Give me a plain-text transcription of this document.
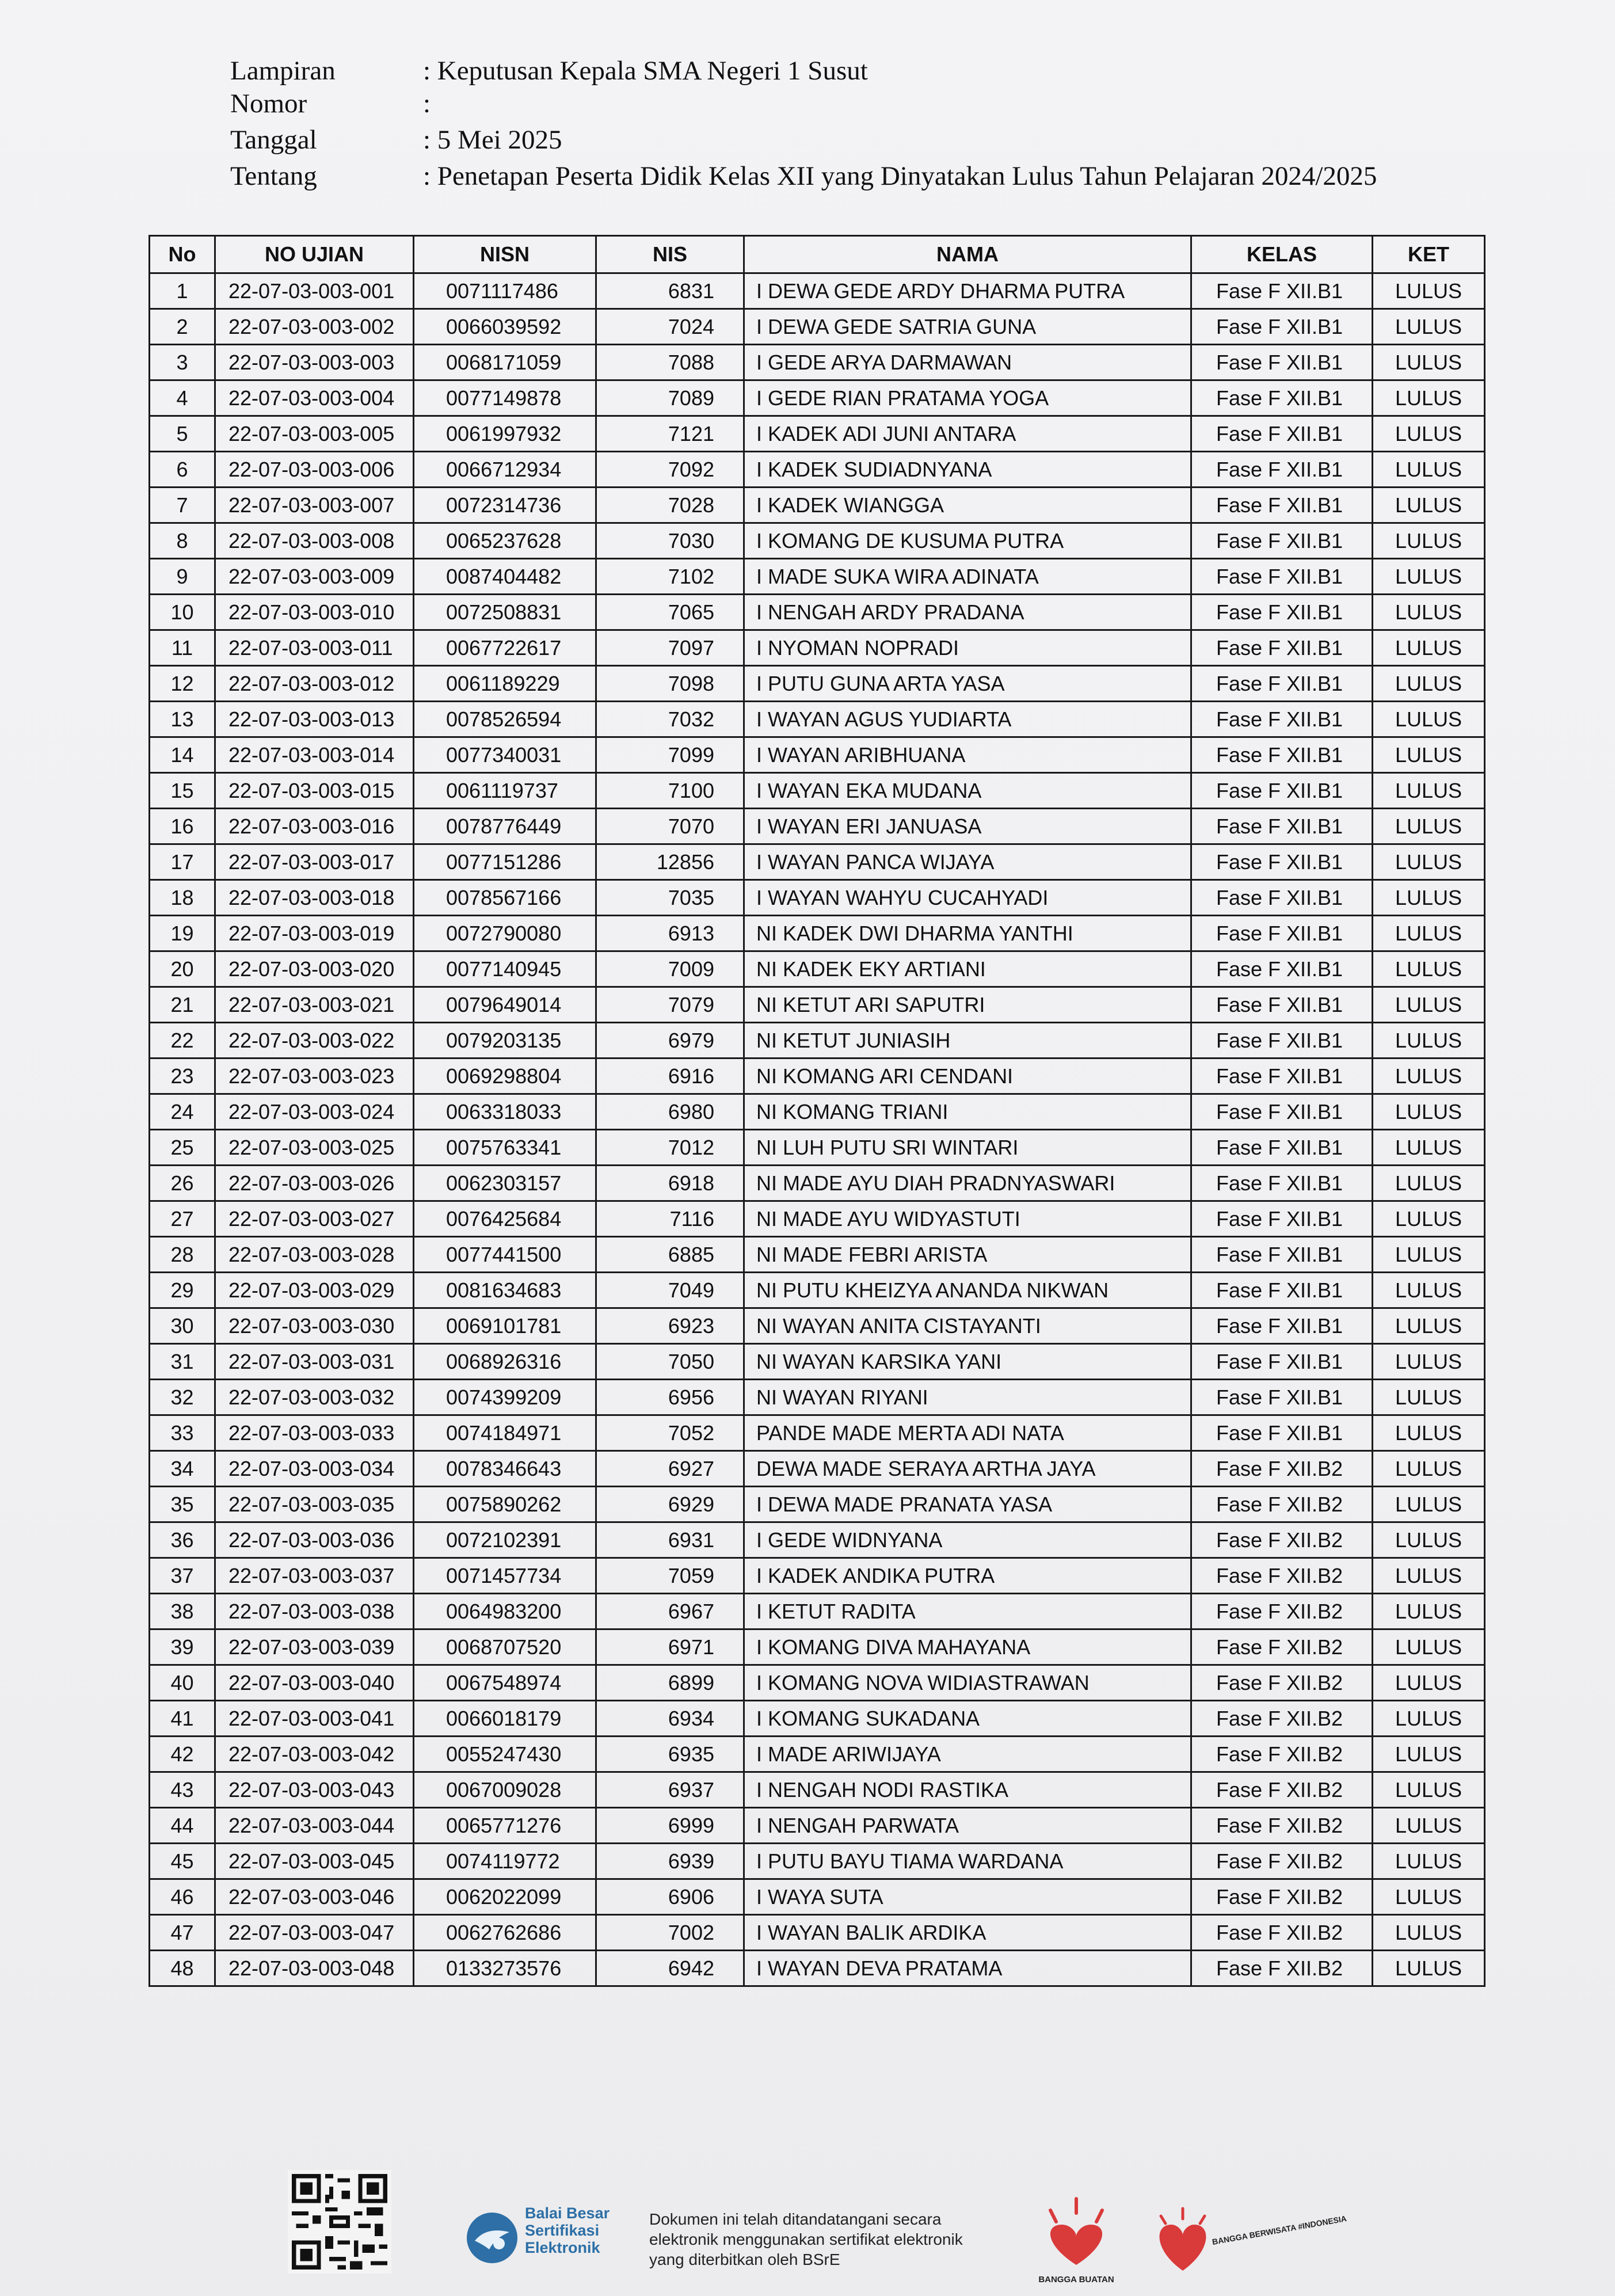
Lampiran	: Keputusan Kepala SMA Negeri 1 Susut
Nomor	:
Tanggal	: 5 Mei 2025
Tentang	: Penetapan Peserta Didik Kelas XII yang Dinyatakan Lulus Tahun Pelajaran 2024/2025
No	NO UJIAN	NISN	NIS	NAMA	KELAS	KET
1	22-07-03-003-001	0071117486	6831	I DEWA GEDE ARDY DHARMA PUTRA	Fase F XII.B1	LULUS
2	22-07-03-003-002	0066039592	7024	I DEWA GEDE SATRIA GUNA	Fase F XII.B1	LULUS
3	22-07-03-003-003	0068171059	7088	I GEDE ARYA DARMAWAN	Fase F XII.B1	LULUS
4	22-07-03-003-004	0077149878	7089	I GEDE RIAN PRATAMA YOGA	Fase F XII.B1	LULUS
5	22-07-03-003-005	0061997932	7121	I KADEK ADI JUNI ANTARA	Fase F XII.B1	LULUS
6	22-07-03-003-006	0066712934	7092	I KADEK SUDIADNYANA	Fase F XII.B1	LULUS
7	22-07-03-003-007	0072314736	7028	I KADEK WIANGGA	Fase F XII.B1	LULUS
8	22-07-03-003-008	0065237628	7030	I KOMANG DE KUSUMA PUTRA	Fase F XII.B1	LULUS
9	22-07-03-003-009	0087404482	7102	I MADE SUKA WIRA ADINATA	Fase F XII.B1	LULUS
10	22-07-03-003-010	0072508831	7065	I NENGAH ARDY PRADANA	Fase F XII.B1	LULUS
11	22-07-03-003-011	0067722617	7097	I NYOMAN NOPRADI	Fase F XII.B1	LULUS
12	22-07-03-003-012	0061189229	7098	I PUTU GUNA ARTA YASA	Fase F XII.B1	LULUS
13	22-07-03-003-013	0078526594	7032	I WAYAN AGUS YUDIARTA	Fase F XII.B1	LULUS
14	22-07-03-003-014	0077340031	7099	I WAYAN ARIBHUANA	Fase F XII.B1	LULUS
15	22-07-03-003-015	0061119737	7100	I WAYAN EKA MUDANA	Fase F XII.B1	LULUS
16	22-07-03-003-016	0078776449	7070	I WAYAN ERI JANUASA	Fase F XII.B1	LULUS
17	22-07-03-003-017	0077151286	12856	I WAYAN PANCA WIJAYA	Fase F XII.B1	LULUS
18	22-07-03-003-018	0078567166	7035	I WAYAN WAHYU CUCAHYADI	Fase F XII.B1	LULUS
19	22-07-03-003-019	0072790080	6913	NI KADEK DWI DHARMA YANTHI	Fase F XII.B1	LULUS
20	22-07-03-003-020	0077140945	7009	NI KADEK EKY ARTIANI	Fase F XII.B1	LULUS
21	22-07-03-003-021	0079649014	7079	NI KETUT ARI SAPUTRI	Fase F XII.B1	LULUS
22	22-07-03-003-022	0079203135	6979	NI KETUT JUNIASIH	Fase F XII.B1	LULUS
23	22-07-03-003-023	0069298804	6916	NI KOMANG ARI CENDANI	Fase F XII.B1	LULUS
24	22-07-03-003-024	0063318033	6980	NI KOMANG TRIANI	Fase F XII.B1	LULUS
25	22-07-03-003-025	0075763341	7012	NI LUH PUTU SRI WINTARI	Fase F XII.B1	LULUS
26	22-07-03-003-026	0062303157	6918	NI MADE AYU DIAH PRADNYASWARI	Fase F XII.B1	LULUS
27	22-07-03-003-027	0076425684	7116	NI MADE AYU WIDYASTUTI	Fase F XII.B1	LULUS
28	22-07-03-003-028	0077441500	6885	NI MADE FEBRI ARISTA	Fase F XII.B1	LULUS
29	22-07-03-003-029	0081634683	7049	NI PUTU KHEIZYA ANANDA NIKWAN	Fase F XII.B1	LULUS
30	22-07-03-003-030	0069101781	6923	NI WAYAN ANITA CISTAYANTI	Fase F XII.B1	LULUS
31	22-07-03-003-031	0068926316	7050	NI WAYAN KARSIKA YANI	Fase F XII.B1	LULUS
32	22-07-03-003-032	0074399209	6956	NI WAYAN RIYANI	Fase F XII.B1	LULUS
33	22-07-03-003-033	0074184971	7052	PANDE MADE MERTA ADI NATA	Fase F XII.B1	LULUS
34	22-07-03-003-034	0078346643	6927	DEWA MADE SERAYA ARTHA JAYA	Fase F XII.B2	LULUS
35	22-07-03-003-035	0075890262	6929	I DEWA MADE PRANATA YASA	Fase F XII.B2	LULUS
36	22-07-03-003-036	0072102391	6931	I GEDE WIDNYANA	Fase F XII.B2	LULUS
37	22-07-03-003-037	0071457734	7059	I KADEK ANDIKA PUTRA	Fase F XII.B2	LULUS
38	22-07-03-003-038	0064983200	6967	I KETUT RADITA	Fase F XII.B2	LULUS
39	22-07-03-003-039	0068707520	6971	I KOMANG DIVA MAHAYANA	Fase F XII.B2	LULUS
40	22-07-03-003-040	0067548974	6899	I KOMANG NOVA WIDIASTRAWAN	Fase F XII.B2	LULUS
41	22-07-03-003-041	0066018179	6934	I KOMANG SUKADANA	Fase F XII.B2	LULUS
42	22-07-03-003-042	0055247430	6935	I MADE ARIWIJAYA	Fase F XII.B2	LULUS
43	22-07-03-003-043	0067009028	6937	I NENGAH NODI RASTIKA	Fase F XII.B2	LULUS
44	22-07-03-003-044	0065771276	6999	I NENGAH PARWATA	Fase F XII.B2	LULUS
45	22-07-03-003-045	0074119772	6939	I PUTU BAYU TIAMA WARDANA	Fase F XII.B2	LULUS
46	22-07-03-003-046	0062022099	6906	I WAYA SUTA	Fase F XII.B2	LULUS
47	22-07-03-003-047	0062762686	7002	I WAYAN BALIK ARDIKA	Fase F XII.B2	LULUS
48	22-07-03-003-048	0133273576	6942	I WAYAN DEVA PRATAMA	Fase F XII.B2	LULUS
Balai Besar
Sertifikasi
Elektronik
Dokumen ini telah ditandatangani secara
elektronik menggunakan sertifikat elektronik
yang diterbitkan oleh BSrE
BANGGA BUATAN
BANGGA BERWISATA #INDONESIA
